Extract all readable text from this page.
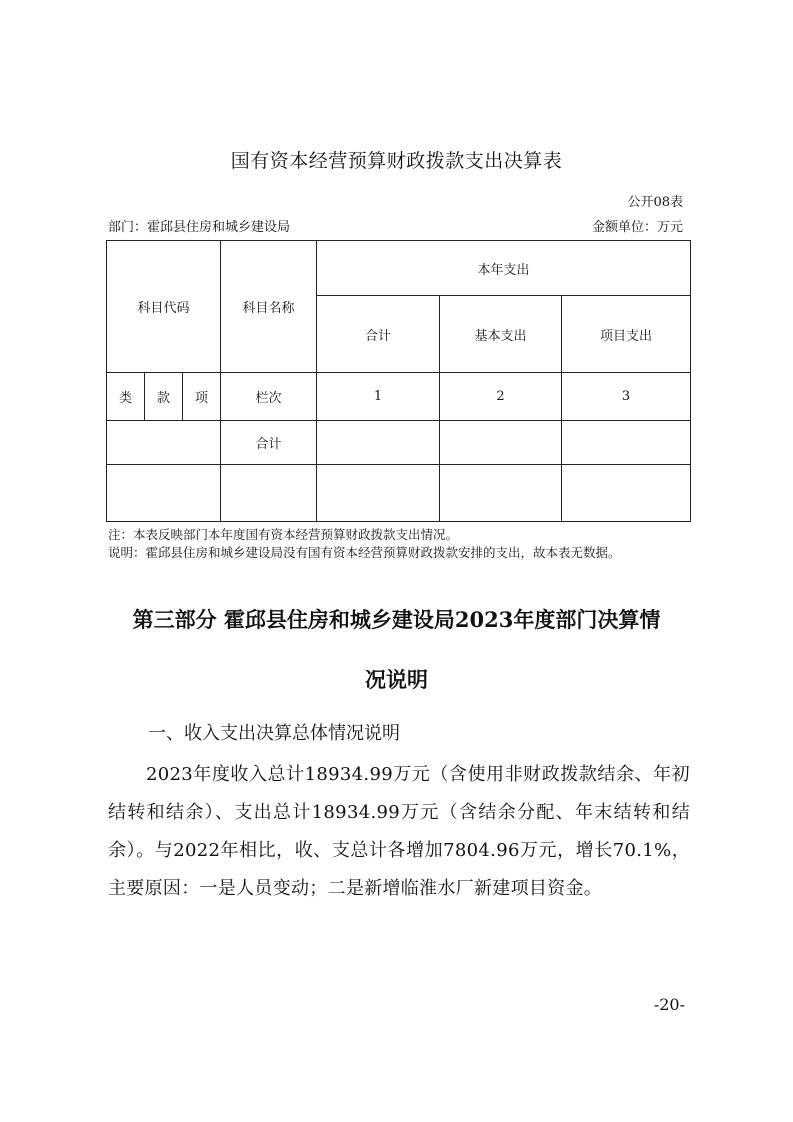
国有资本经营预算财政拨款支出决算表
公开08表
部门：霍邱县住房和城乡建设局	金额单位：万元
科目代码			科目名称	本年支出		
				合计	基本支出	项目支出
类	款	项	栏次	1	2	3
			合计			

注：本表反映部门本年度国有资本经营预算财政拨款支出情况。
说明：霍邱县住房和城乡建设局没有国有资本经营预算财政拨款安排的支出，故本表无数据。
第三部分 霍邱县住房和城乡建设局2023年度部门决算情
况说明
一、收入支出决算总体情况说明
2023年度收入总计18934.99万元（含使用非财政拨款结余、年初结转和结余）、支出总计18934.99万元（含结余分配、年末结转和结余）。与2022年相比，收、支总计各增加7804.96万元，增长70.1%，主要原因：一是人员变动；二是新增临淮水厂新建项目资金。
-20-
